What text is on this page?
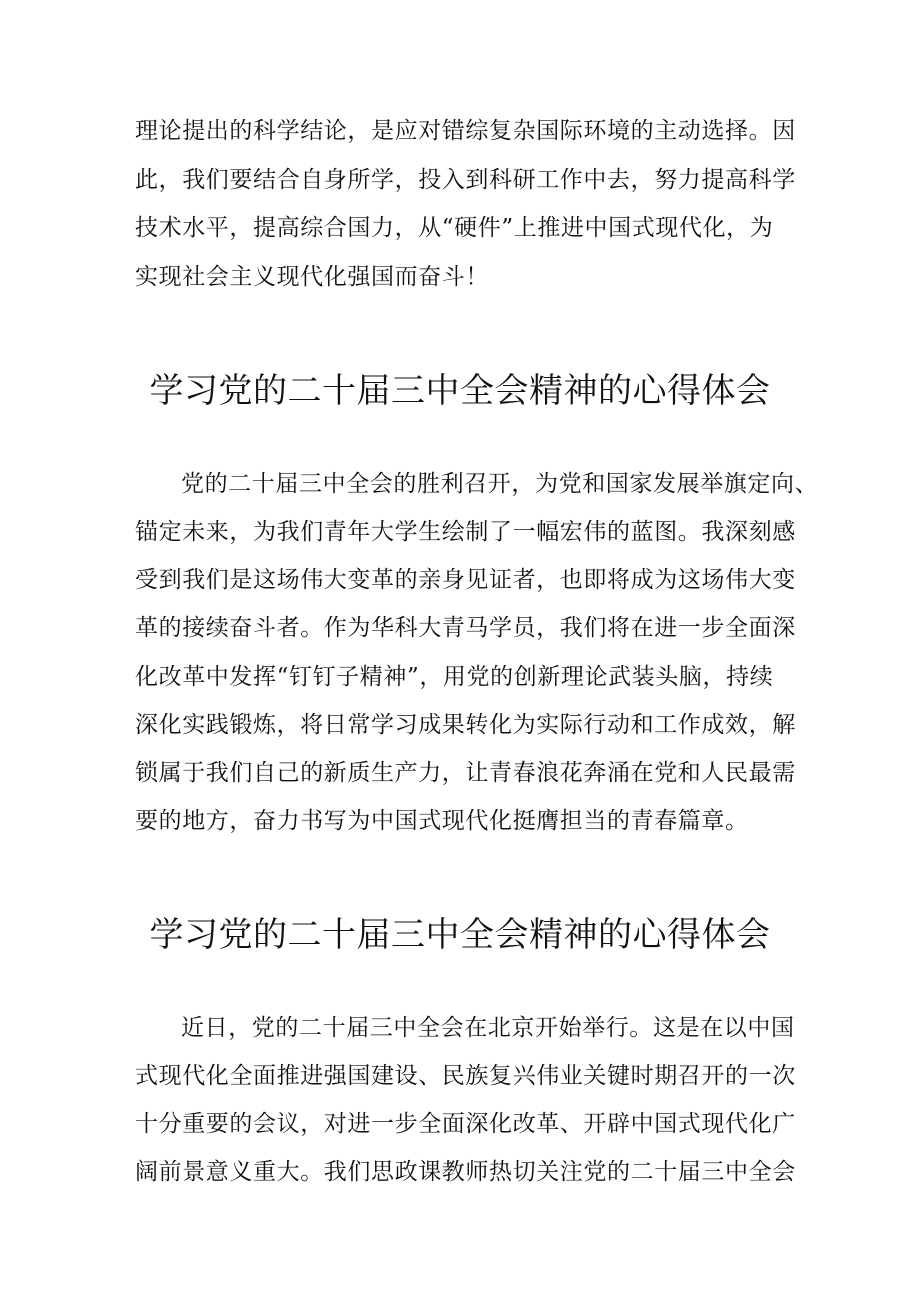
理论提出的科学结论，是应对错综复杂国际环境的主动选择。因
此，我们要结合自身所学，投入到科研工作中去，努力提高科学
技术水平，提高综合国力，从“硬件”上推进中国式现代化，为
实现社会主义现代化强国而奋斗！
学习党的二十届三中全会精神的心得体会
党的二十届三中全会的胜利召开，为党和国家发展举旗定向、
锚定未来，为我们青年大学生绘制了一幅宏伟的蓝图。我深刻感
受到我们是这场伟大变革的亲身见证者，也即将成为这场伟大变
革的接续奋斗者。作为华科大青马学员，我们将在进一步全面深
化改革中发挥“钉钉子精神”，用党的创新理论武装头脑，持续
深化实践锻炼，将日常学习成果转化为实际行动和工作成效，解
锁属于我们自己的新质生产力，让青春浪花奔涌在党和人民最需
要的地方，奋力书写为中国式现代化挺膺担当的青春篇章。
学习党的二十届三中全会精神的心得体会
近日，党的二十届三中全会在北京开始举行。这是在以中国
式现代化全面推进强国建设、民族复兴伟业关键时期召开的一次
十分重要的会议，对进一步全面深化改革、开辟中国式现代化广
阔前景意义重大。我们思政课教师热切关注党的二十届三中全会
